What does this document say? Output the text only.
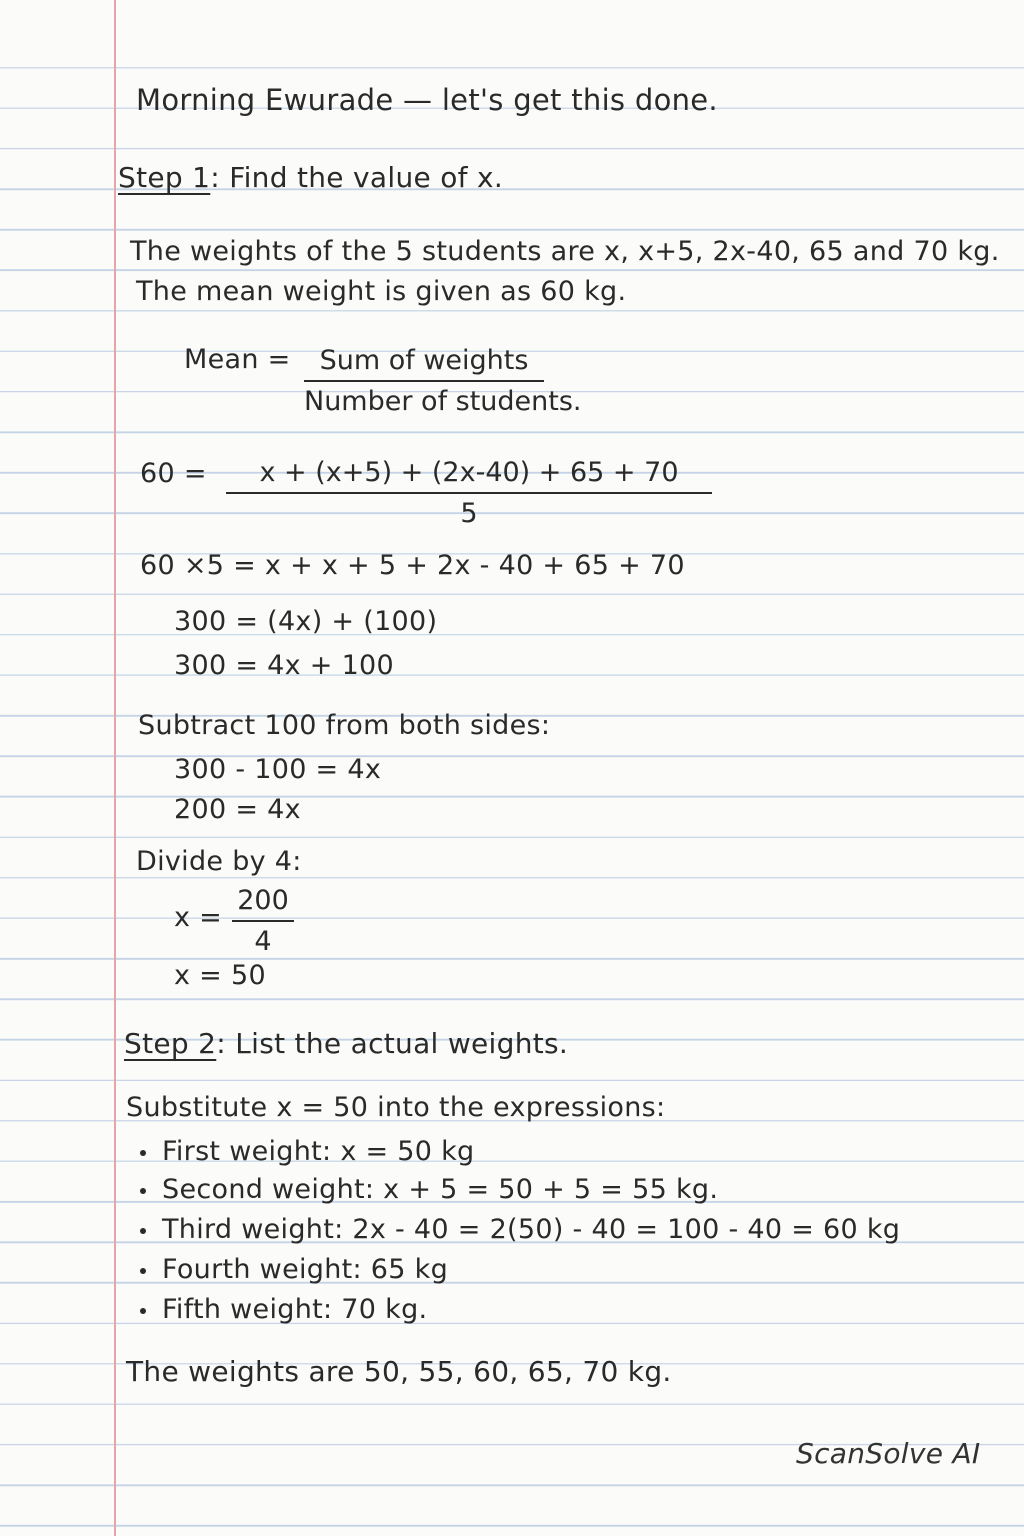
Morning Ewurade — let's get this done.
Step 1: Find the value of x.
The weights of the 5 students are x, x+5, 2x-40, 65 and 70 kg.
The mean weight is given as 60 kg.
Mean =	Sum of weights
Number of students.
60 =	x + (x+5) + (2x-40) + 65 + 70
5
60 ×5 = x + x + 5 + 2x - 40 + 65 + 70
300 = (4x) + (100)
300 = 4x + 100
Subtract 100 from both sides:
300 - 100 = 4x
200 = 4x
Divide by 4:
x =
200
4
x = 50
Step 2: List the actual weights.
Substitute x = 50 into the expressions:
First weight: x = 50 kg
Second weight: x + 5 = 50 + 5 = 55 kg.
Third weight: 2x - 40 = 2(50) - 40 = 100 - 40 = 60 kg
Fourth weight: 65 kg
Fifth weight: 70 kg.
The weights are 50, 55, 60, 65, 70 kg.
ScanSolve AI
